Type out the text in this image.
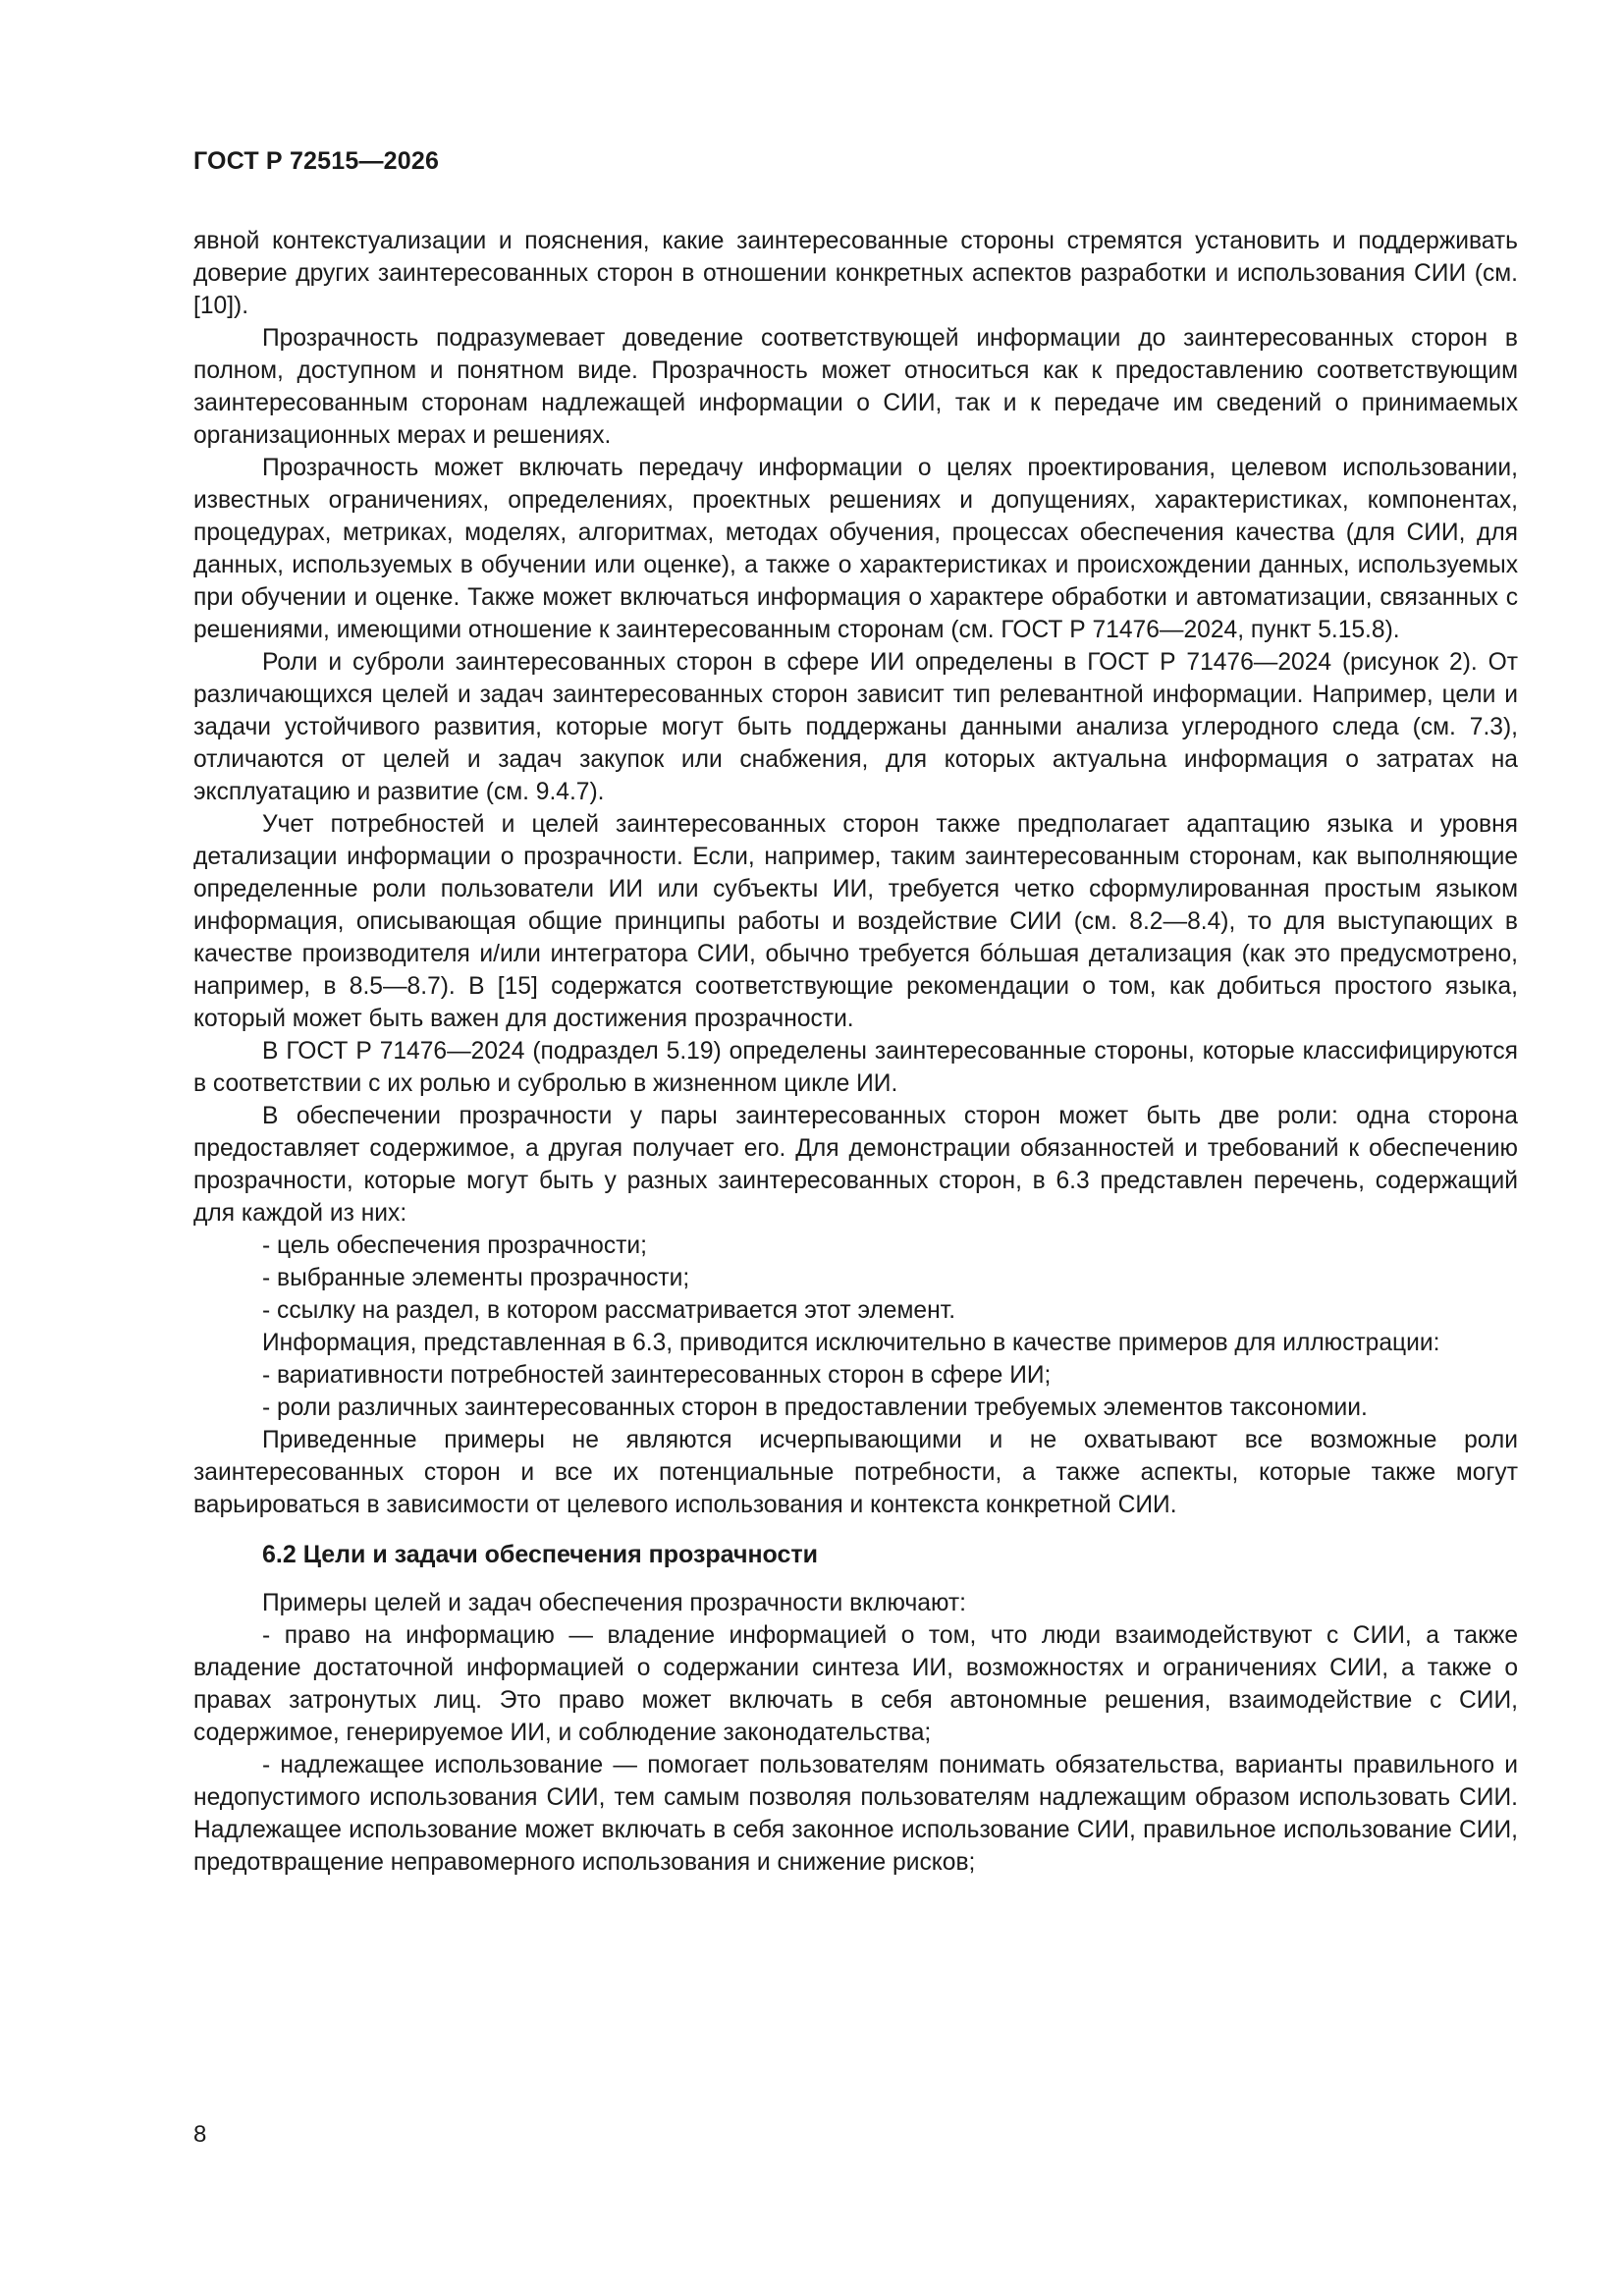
ГОСТ Р 72515—2026

явной контекстуализации и пояснения, какие заинтересованные стороны стремятся установить и поддерживать доверие других заинтересованных сторон в отношении конкретных аспектов разработки и использования СИИ (см. [10]).

Прозрачность подразумевает доведение соответствующей информации до заинтересованных сторон в полном, доступном и понятном виде. Прозрачность может относиться как к предоставлению соответствующим заинтересованным сторонам надлежащей информации о СИИ, так и к передаче им сведений о принимаемых организационных мерах и решениях.

Прозрачность может включать передачу информации о целях проектирования, целевом использовании, известных ограничениях, определениях, проектных решениях и допущениях, характеристиках, компонентах, процедурах, метриках, моделях, алгоритмах, методах обучения, процессах обеспечения качества (для СИИ, для данных, используемых в обучении или оценке), а также о характеристиках и происхождении данных, используемых при обучении и оценке. Также может включаться информация о характере обработки и автоматизации, связанных с решениями, имеющими отношение к заинтересованным сторонам (см. ГОСТ Р 71476—2024, пункт 5.15.8).

Роли и суброли заинтересованных сторон в сфере ИИ определены в ГОСТ Р 71476—2024 (рисунок 2). От различающихся целей и задач заинтересованных сторон зависит тип релевантной информации. Например, цели и задачи устойчивого развития, которые могут быть поддержаны данными анализа углеродного следа (см. 7.3), отличаются от целей и задач закупок или снабжения, для которых актуальна информация о затратах на эксплуатацию и развитие (см. 9.4.7).

Учет потребностей и целей заинтересованных сторон также предполагает адаптацию языка и уровня детализации информации о прозрачности. Если, например, таким заинтересованным сторонам, как выполняющие определенные роли пользователи ИИ или субъекты ИИ, требуется четко сформулированная простым языком информация, описывающая общие принципы работы и воздействие СИИ (см. 8.2—8.4), то для выступающих в качестве производителя и/или интегратора СИИ, обычно требуется бóльшая детализация (как это предусмотрено, например, в 8.5—8.7). В [15] содержатся соответствующие рекомендации о том, как добиться простого языка, который может быть важен для достижения прозрачности.

В ГОСТ Р 71476—2024 (подраздел 5.19) определены заинтересованные стороны, которые классифицируются в соответствии с их ролью и субролью в жизненном цикле ИИ.

В обеспечении прозрачности у пары заинтересованных сторон может быть две роли: одна сторона предоставляет содержимое, а другая получает его. Для демонстрации обязанностей и требований к обеспечению прозрачности, которые могут быть у разных заинтересованных сторон, в 6.3 представлен перечень, содержащий для каждой из них:

- цель обеспечения прозрачности;

- выбранные элементы прозрачности;

- ссылку на раздел, в котором рассматривается этот элемент.

Информация, представленная в 6.3, приводится исключительно в качестве примеров для иллюстрации:

- вариативности потребностей заинтересованных сторон в сфере ИИ;

- роли различных заинтересованных сторон в предоставлении требуемых элементов таксономии.

Приведенные примеры не являются исчерпывающими и не охватывают все возможные роли заинтересованных сторон и все их потенциальные потребности, а также аспекты, которые также могут варьироваться в зависимости от целевого использования и контекста конкретной СИИ.

6.2 Цели и задачи обеспечения прозрачности

Примеры целей и задач обеспечения прозрачности включают:

- право на информацию — владение информацией о том, что люди взаимодействуют с СИИ, а также владение достаточной информацией о содержании синтеза ИИ, возможностях и ограничениях СИИ, а также о правах затронутых лиц. Это право может включать в себя автономные решения, взаимодействие с СИИ, содержимое, генерируемое ИИ, и соблюдение законодательства;

- надлежащее использование — помогает пользователям понимать обязательства, варианты правильного и недопустимого использования СИИ, тем самым позволяя пользователям надлежащим образом использовать СИИ. Надлежащее использование может включать в себя законное использование СИИ, правильное использование СИИ, предотвращение неправомерного использования и снижение рисков;

8
